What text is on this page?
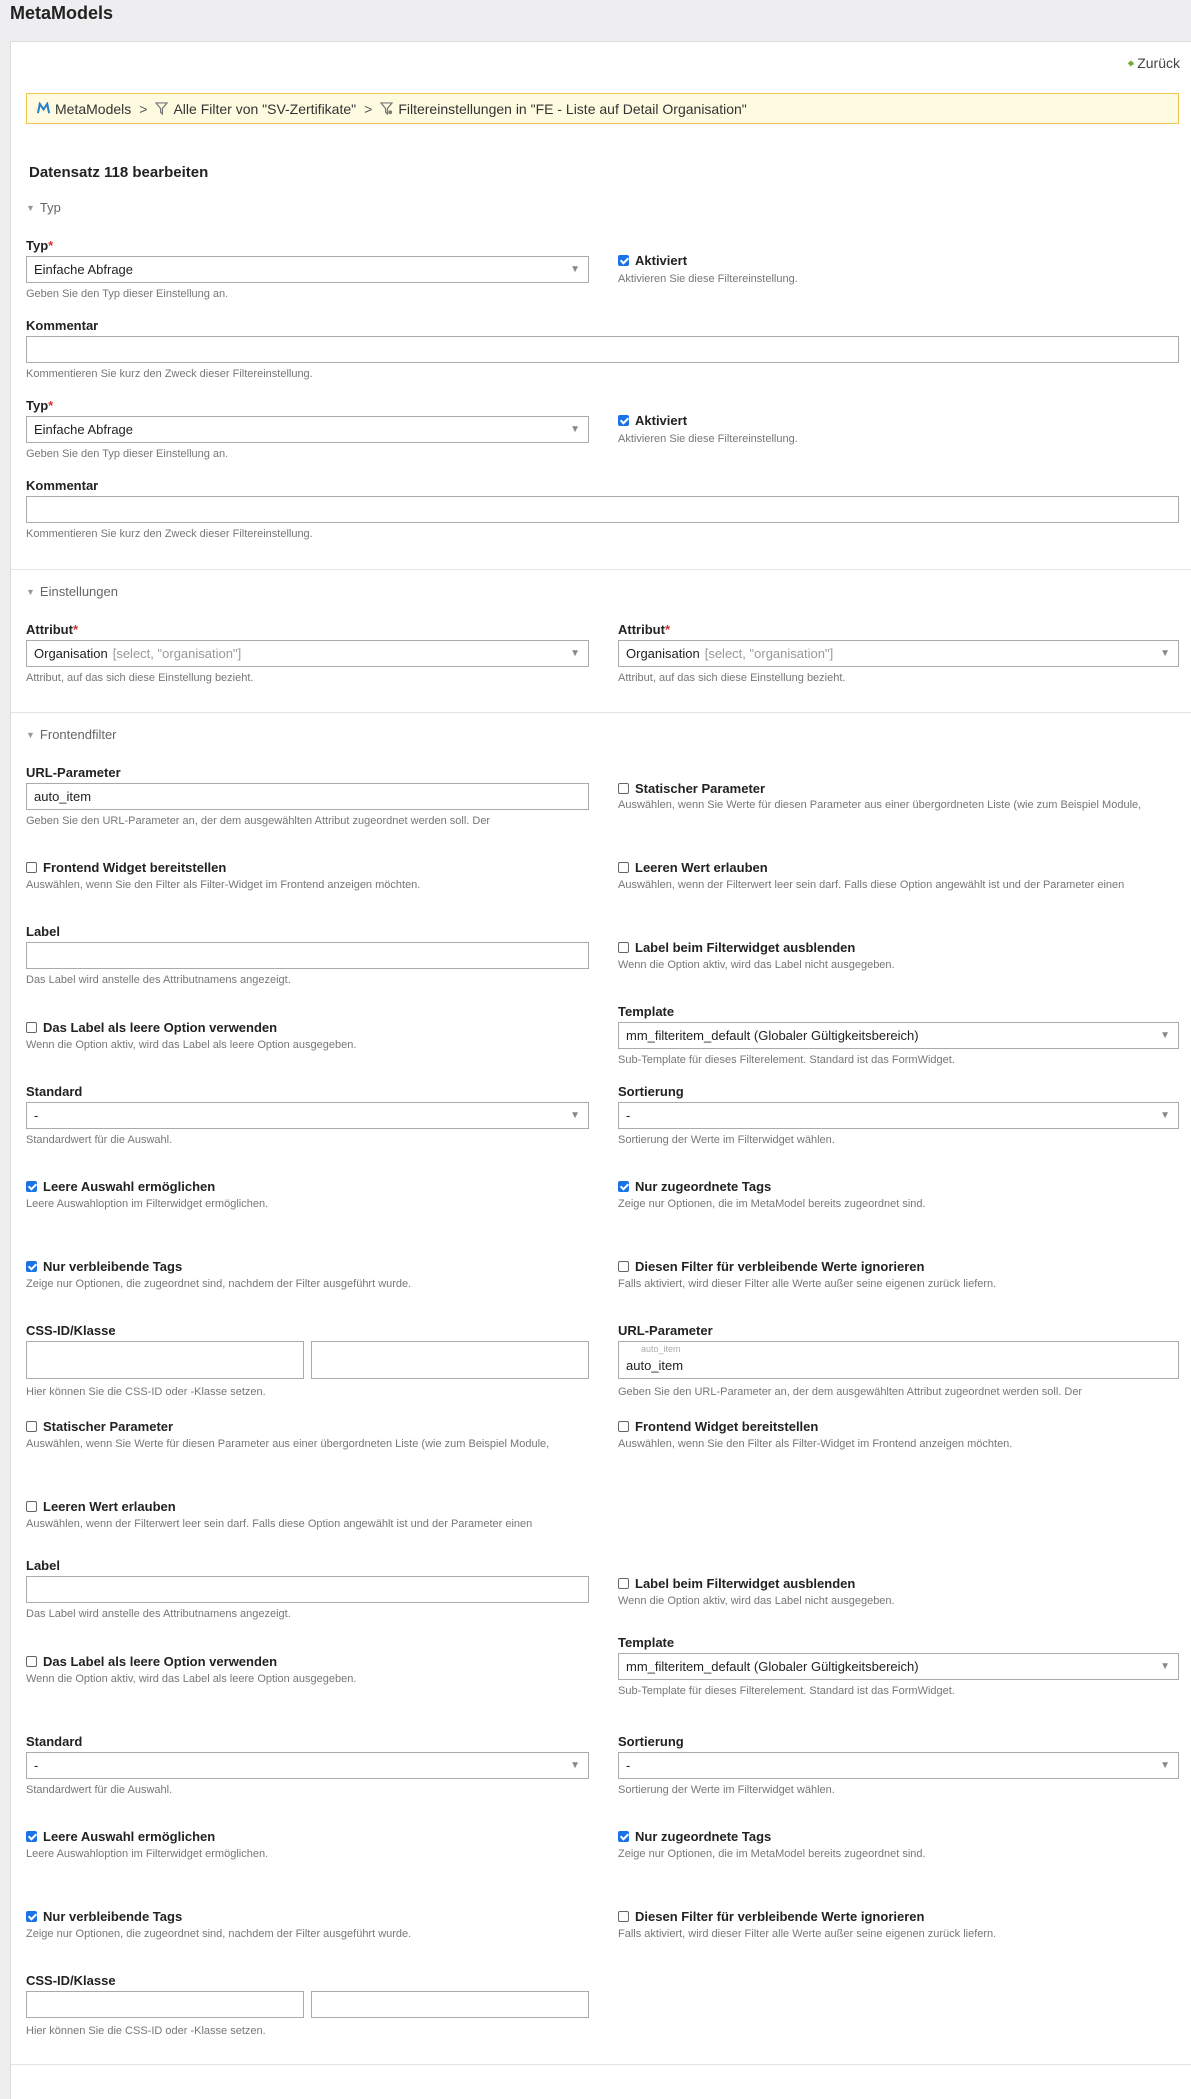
MetaModels
🠸 Zurück
MetaModels > Alle Filter von "SV-Zertifikate" > Filtereinstellungen in "FE - Liste auf Detail Organisation"
Datensatz 118 bearbeiten
▼ Typ
Typ*
Einfache Abfrage	▼
Geben Sie den Typ dieser Einstellung an.
Aktiviert
Aktivieren Sie diese Filtereinstellung.
Kommentar
Kommentieren Sie kurz den Zweck dieser Filtereinstellung.
Typ*
Einfache Abfrage	▼
Geben Sie den Typ dieser Einstellung an.
Aktiviert
Aktivieren Sie diese Filtereinstellung.
Kommentar
Kommentieren Sie kurz den Zweck dieser Filtereinstellung.
▼ Einstellungen
Attribut*
Organisation [select, "organisation"]	▼
Attribut, auf das sich diese Einstellung bezieht.
Attribut*
Organisation [select, "organisation"]	▼
Attribut, auf das sich diese Einstellung bezieht.
▼ Frontendfilter
URL-Parameter
auto_item
Geben Sie den URL-Parameter an, der dem ausgewählten Attribut zugeordnet werden soll. Der
Statischer Parameter
Auswählen, wenn Sie Werte für diesen Parameter aus einer übergordneten Liste (wie zum Beispiel Module,
Frontend Widget bereitstellen
Auswählen, wenn Sie den Filter als Filter-Widget im Frontend anzeigen möchten.
Leeren Wert erlauben
Auswählen, wenn der Filterwert leer sein darf. Falls diese Option angewählt ist und der Parameter einen
Label
Das Label wird anstelle des Attributnamens angezeigt.
Label beim Filterwidget ausblenden
Wenn die Option aktiv, wird das Label nicht ausgegeben.
Das Label als leere Option verwenden
Wenn die Option aktiv, wird das Label als leere Option ausgegeben.
Template
mm_filteritem_default (Globaler Gültigkeitsbereich)	▼
Sub-Template für dieses Filterelement. Standard ist das FormWidget.
Standard
-	▼
Standardwert für die Auswahl.
Sortierung
-	▼
Sortierung der Werte im Filterwidget wählen.
Leere Auswahl ermöglichen
Leere Auswahloption im Filterwidget ermöglichen.
Nur zugeordnete Tags
Zeige nur Optionen, die im MetaModel bereits zugeordnet sind.
Nur verbleibende Tags
Zeige nur Optionen, die zugeordnet sind, nachdem der Filter ausgeführt wurde.
Diesen Filter für verbleibende Werte ignorieren
Falls aktiviert, wird dieser Filter alle Werte außer seine eigenen zurück liefern.
CSS-ID/Klasse
Hier können Sie die CSS-ID oder -Klasse setzen.
URL-Parameter
auto_item
auto_item
Geben Sie den URL-Parameter an, der dem ausgewählten Attribut zugeordnet werden soll. Der
Statischer Parameter
Auswählen, wenn Sie Werte für diesen Parameter aus einer übergordneten Liste (wie zum Beispiel Module,
Frontend Widget bereitstellen
Auswählen, wenn Sie den Filter als Filter-Widget im Frontend anzeigen möchten.
Leeren Wert erlauben
Auswählen, wenn der Filterwert leer sein darf. Falls diese Option angewählt ist und der Parameter einen
Label
Das Label wird anstelle des Attributnamens angezeigt.
Label beim Filterwidget ausblenden
Wenn die Option aktiv, wird das Label nicht ausgegeben.
Das Label als leere Option verwenden
Wenn die Option aktiv, wird das Label als leere Option ausgegeben.
Template
mm_filteritem_default (Globaler Gültigkeitsbereich)	▼
Sub-Template für dieses Filterelement. Standard ist das FormWidget.
Standard
-	▼
Standardwert für die Auswahl.
Sortierung
-	▼
Sortierung der Werte im Filterwidget wählen.
Leere Auswahl ermöglichen
Leere Auswahloption im Filterwidget ermöglichen.
Nur zugeordnete Tags
Zeige nur Optionen, die im MetaModel bereits zugeordnet sind.
Nur verbleibende Tags
Zeige nur Optionen, die zugeordnet sind, nachdem der Filter ausgeführt wurde.
Diesen Filter für verbleibende Werte ignorieren
Falls aktiviert, wird dieser Filter alle Werte außer seine eigenen zurück liefern.
CSS-ID/Klasse
Hier können Sie die CSS-ID oder -Klasse setzen.
